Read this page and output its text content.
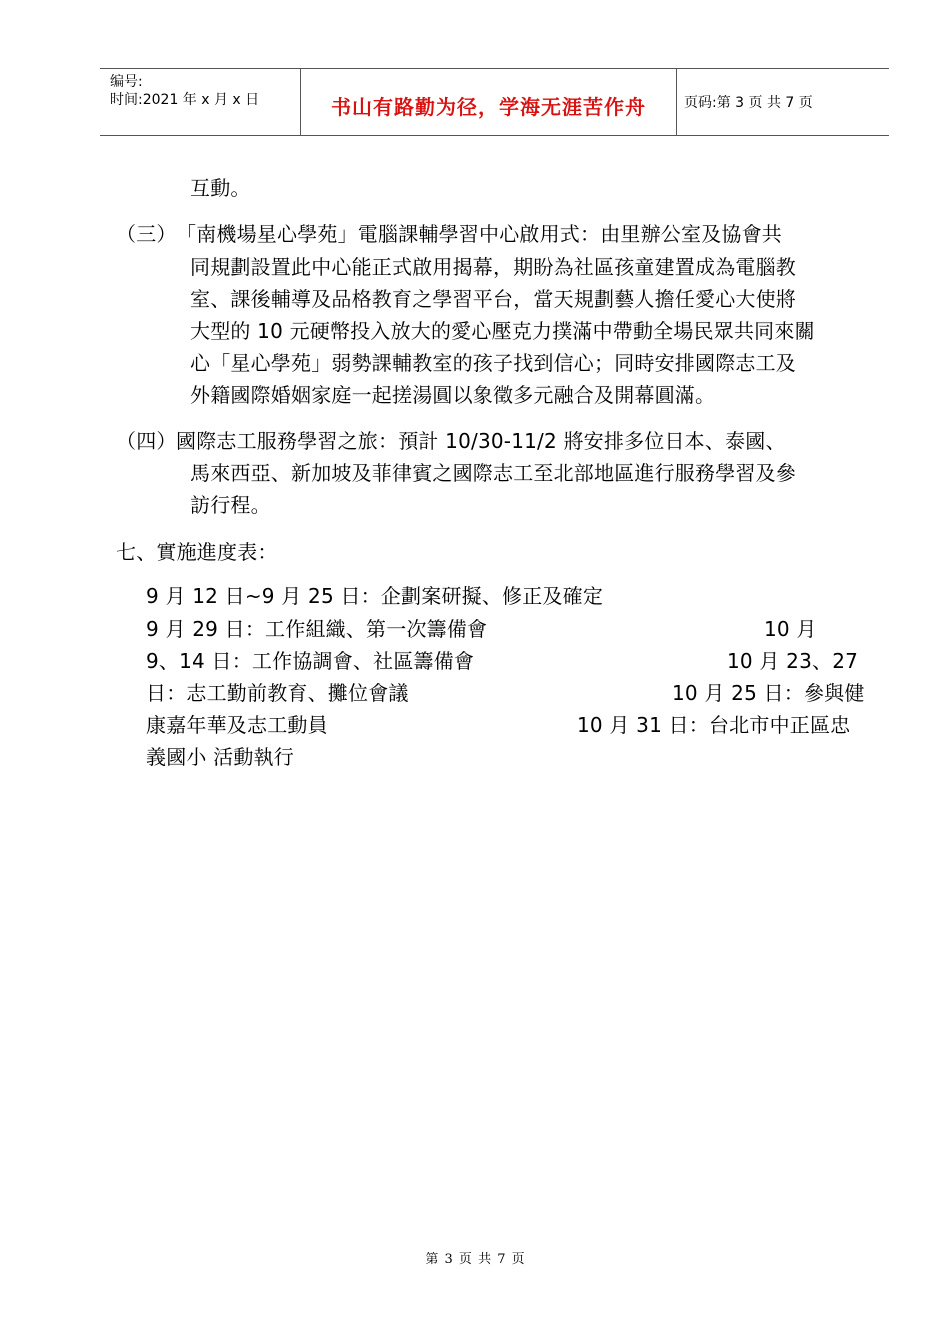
编号:
时间:2021 年 x 月 x 日	书山有路勤为径，学海无涯苦作舟	页码:第 3 页 共 7 页
互動。
（三） 「南機場星心學苑」電腦課輔學習中心啟用式：由里辦公室及協會共
同規劃設置此中心能正式啟用揭幕，期盼為社區孩童建置成為電腦教
室、課後輔導及品格教育之學習平台，當天規劃藝人擔任愛心大使將
大型的 10 元硬幣投入放大的愛心壓克力撲滿中帶動全場民眾共同來關
心「星心學苑」弱勢課輔教室的孩子找到信心；同時安排國際志工及
外籍國際婚姻家庭一起搓湯圓以象徵多元融合及開幕圓滿。
（四） 國際志工服務學習之旅：預計 10/30-11/2 將安排多位日本、泰國、
馬來西亞、新加坡及菲律賓之國際志工至北部地區進行服務學習及參
訪行程。
七、實施進度表：
9 月 12 日~9 月 25 日：企劃案研擬、修正及確定
9 月 29 日：工作組織、第一次籌備會	10 月
9、14 日：工作協調會、社區籌備會	10 月 23、27
日：志工勤前教育、攤位會議	10 月 25 日：參與健
康嘉年華及志工動員	10 月 31 日：台北市中正區忠
義國小 活動執行
第 3 页 共 7 页
